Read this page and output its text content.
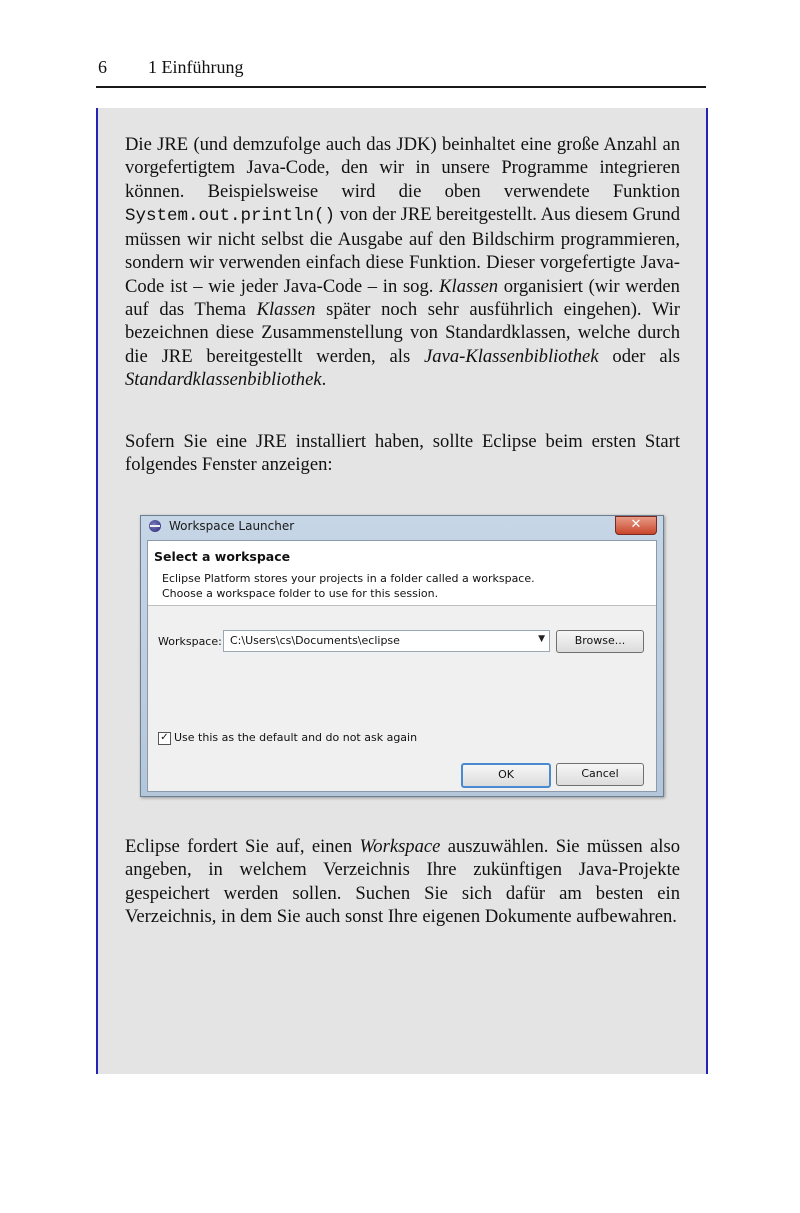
6 1 Einführung
Die JRE (und demzufolge auch das JDK) beinhaltet eine große Anzahl an vorgefertigtem Java-Code, den wir in unsere Programme integrieren können. Beispielsweise wird die oben verwendete Funktion System.out.println() von der JRE bereitgestellt. Aus diesem Grund müssen wir nicht selbst die Ausgabe auf den Bildschirm programmieren, sondern wir verwenden einfach diese Funktion. Dieser vorgefertigte Java-Code ist – wie jeder Java-Code – in sog. Klassen organisiert (wir werden auf das Thema Klassen später noch sehr ausführlich eingehen). Wir bezeichnen diese Zusammenstellung von Standardklassen, welche durch die JRE bereitgestellt werden, als Java-Klassenbibliothek oder als Standardklassenbibliothek.
Sofern Sie eine JRE installiert haben, sollte Eclipse beim ersten Start folgendes Fenster anzeigen:
Workspace Launcher	✕
Select a workspace
Eclipse Platform stores your projects in a folder called a workspace.
Choose a workspace folder to use for this session.
Workspace: C:\Users\cs\Documents\eclipse	▼	Browse...
✓ Use this as the default and do not ask again
OK	Cancel
Eclipse fordert Sie auf, einen Workspace auszuwählen. Sie müssen also angeben, in welchem Verzeichnis Ihre zukünftigen Java-Projekte gespeichert werden sollen. Suchen Sie sich dafür am besten ein Verzeichnis, in dem Sie auch sonst Ihre eigenen Dokumente aufbewahren.
